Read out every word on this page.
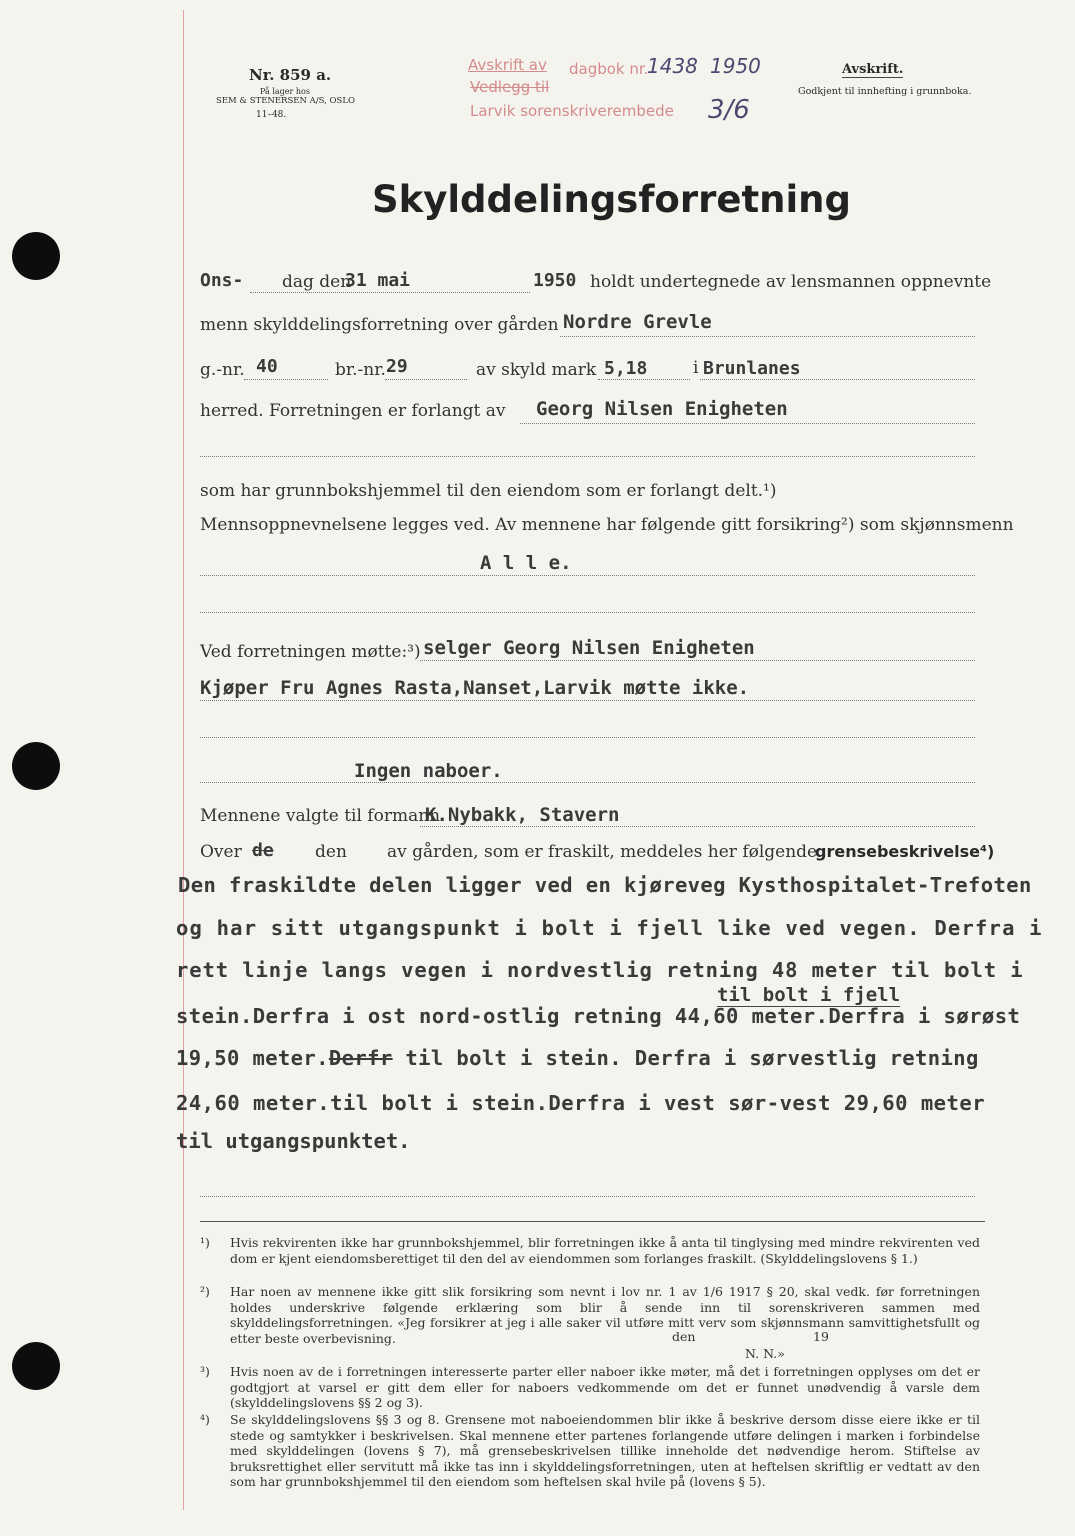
Nr. 859 a.
På lager hos
SEM & STENERSEN A/S, OSLO
11–48.
Avskrift av dagbok nr.
1438 1950
Vedlegg til
Larvik sorenskriverembede 3/6
Avskrift.
Godkjent til innhefting i grunnboka.
Skylddelingsforretning
Ons- dag den
31 mai	1950 holdt undertegnede av lensmannen oppnevnte
menn skylddelingsforretning over gården Nordre Grevle
g.-nr. 40	br.-nr. 29	av skyld mark 5,18	i Brunlanes
herred. Forretningen er forlangt av Georg Nilsen Enigheten
som har grunnbokshjemmel til den eiendom som er forlangt delt.¹)
Mennsoppnevnelsene legges ved. Av mennene har følgende gitt forsikring²) som skjønnsmenn
A l l e.
Ved forretningen møtte:³) selger Georg Nilsen Enigheten
Kjøper Fru Agnes Rasta,Nanset,Larvik møtte ikke.
Ingen naboer.
Mennene valgte til formann
K.Nybakk, Stavern
Over de den av gården, som er fraskilt, meddeles her følgende
grensebeskrivelse⁴)
Den fraskildte delen ligger ved en kjøreveg Kysthospitalet-Trefoten
og har sitt utgangspunkt i bolt i fjell like ved vegen. Derfra i
rett linje langs vegen i nordvestlig retning 48 meter til bolt i
til bolt i fjell
stein.Derfra i ost nord-ostlig retning 44,60 meter.Derfra i sørøst
19,50 meter.Derfr til bolt i stein. Derfra i sørvestlig retning
24,60 meter.til bolt i stein.Derfra i vest sør-vest 29,60 meter
til utgangspunktet.
¹) Hvis rekvirenten ikke har grunnbokshjemmel, blir forretningen ikke å anta til tinglysing med mindre rekvirenten ved dom er kjent eiendomsberettiget til den del av eiendommen som forlanges fraskilt. (Skylddelingslovens § 1.)
²) Har noen av mennene ikke gitt slik forsikring som nevnt i lov nr. 1 av 1/6 1917 § 20, skal vedk. før forretningen holdes underskrive følgende erklæring som blir å sende inn til sorenskriveren sammen med skylddelingsforretningen. «Jeg forsikrer at jeg i alle saker vil utføre mitt verv som skjønnsmann samvittighetsfullt og etter beste overbevisning.	den	19
N. N.»
³) Hvis noen av de i forretningen interesserte parter eller naboer ikke møter, må det i forretningen opplyses om det er godtgjort at varsel er gitt dem eller for naboers vedkommende om det er funnet unødvendig å varsle dem (skylddelingslovens §§ 2 og 3).
⁴) Se skylddelingslovens §§ 3 og 8. Grensene mot naboeiendommen blir ikke å beskrive dersom disse eiere ikke er til stede og samtykker i beskrivelsen. Skal mennene etter partenes forlangende utføre delingen i marken i forbindelse med skylddelingen (lovens § 7), må grensebeskrivelsen tillike inneholde det nødvendige herom. Stiftelse av bruksrettighet eller servitutt må ikke tas inn i skylddelingsforretningen, uten at heftelsen skriftlig er vedtatt av den som har grunnbokshjemmel til den eiendom som heftelsen skal hvile på (lovens § 5).
